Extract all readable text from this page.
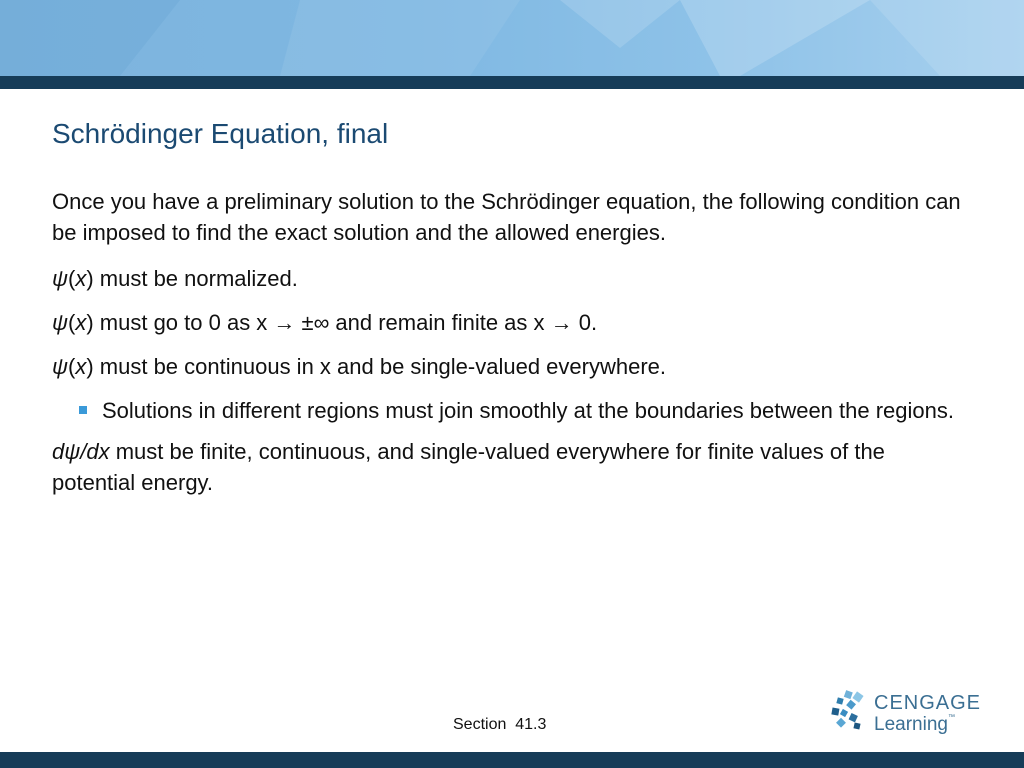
Schrödinger Equation, final

Once you have a preliminary solution to the Schrödinger equation, the following condition can be imposed to find the exact solution and the allowed energies.

ψ(x) must be normalized.

ψ(x) must go to 0 as x → ±∞ and remain finite as x → 0.

ψ(x) must be continuous in x and be single-valued everywhere.

Solutions in different regions must join smoothly at the boundaries between the regions.

dψ/dx must be finite, continuous, and single-valued everywhere for finite values of the potential energy.

Section  41.3
CENGAGE
Learning™
